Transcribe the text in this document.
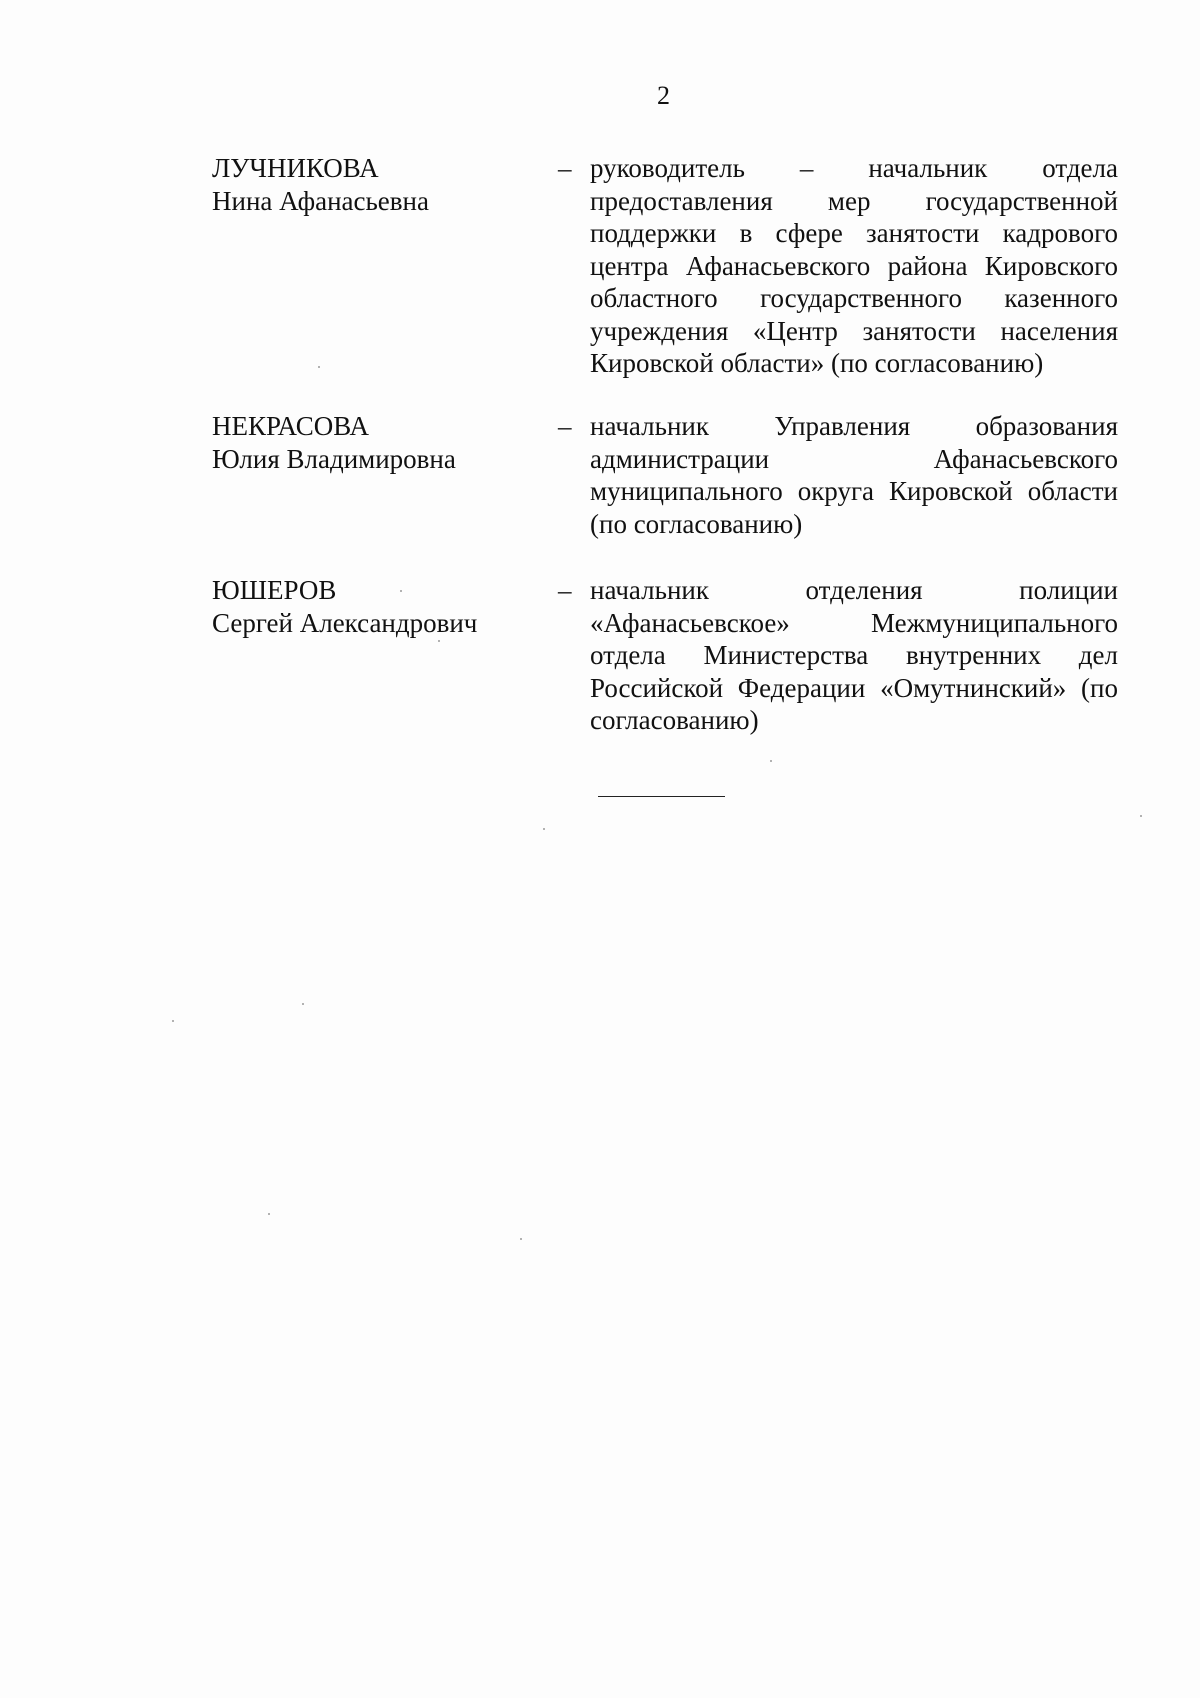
2
ЛУЧНИКОВА
Нина Афанасьевна
– руководитель – начальник отдела предоставления мер государственной поддержки в сфере занятости кадрового центра Афанасьевского района Кировского областного государственного казенного учреждения «Центр занятости населения Кировской области» (по согласованию)
НЕКРАСОВА
Юлия Владимировна
– начальник Управления образования администрации Афанасьевского муниципального округа Кировской области (по согласованию)
ЮШЕРОВ
Сергей Александрович
– начальник отделения полиции «Афанасьевское» Межмуниципального отдела Министерства внутренних дел Российской Федерации «Омутнинский» (по согласованию)
